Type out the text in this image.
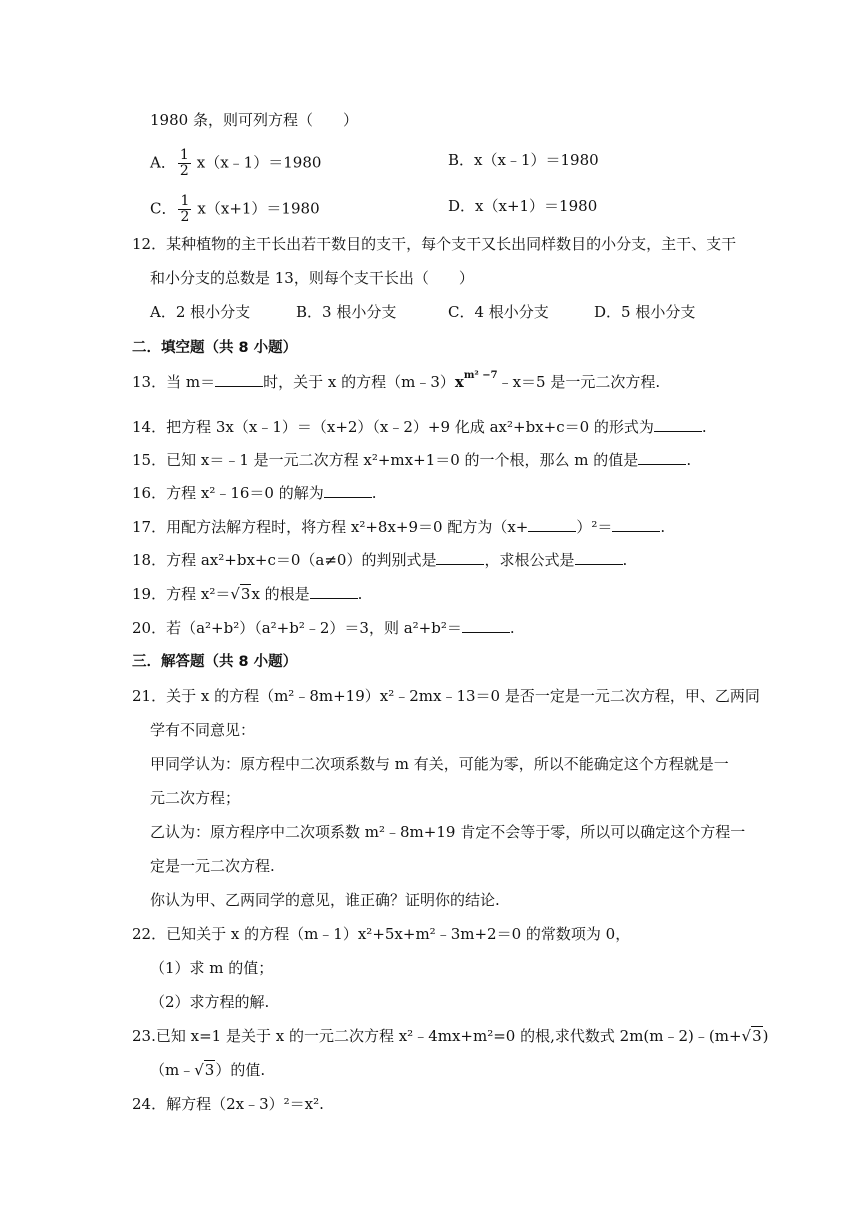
1980 条，则可列方程（　　）
A． $\frac{1}{2}$ x（x﹣1）＝1980	B．x（x﹣1）＝1980
C． $\frac{1}{2} x(x+1)=1980$	D．x（x+1）＝1980
12．某种植物的主干长出若干数目的支干，每个支干又长出同样数目的小分支，主干、支干
和小分支的总数是 13，则每个支干长出（　　）
A．2 根小分支	B．3 根小分支	C．4 根小分支	D．5 根小分支
二．填空题（共 8 小题）
13．当 m＝	时，关于 x 的方程$(m﹣3)x^{m^2 -7}﹣x=5$ 是一元二次方程.
14．把方程 3x（x﹣1）＝（x+2）（x﹣2）+9 化成 ax²+bx+c＝0 的形式为	.
15．已知 x＝﹣1 是一元二次方程 x²+mx+1＝0 的一个根，那么 m 的值是	.
16．方程 x²﹣16＝0 的解为	.
17．用配方法解方程时，将方程 x²+8x+9＝0 配方为（x+	）²＝	.
18．方程 ax²+bx+c＝0（a≠0）的判别式是	，求根公式是	.
19．方程 x²＝√3x 的根是	.
20．若（a²+b²）（a²+b²﹣2）＝3，则 a²+b²＝	.
三．解答题（共 8 小题）
21．关于 x 的方程（m²﹣8m+19）x²﹣2mx﹣13＝0 是否一定是一元二次方程，甲、乙两同
学有不同意见：
甲同学认为：原方程中二次项系数与 m 有关，可能为零，所以不能确定这个方程就是一
元二次方程；
乙认为：原方程序中二次项系数 m²﹣8m+19 肯定不会等于零，所以可以确定这个方程一
定是一元二次方程.
你认为甲、乙两同学的意见，谁正确？证明你的结论.
22．已知关于 x 的方程（m﹣1）x²+5x+m²﹣3m+2＝0 的常数项为 0，
（1）求 m 的值；
（2）求方程的解.
23.已知 x=1 是关于 x 的一元二次方程 x²﹣4mx+m²=0 的根,求代数式 2m(m﹣2)﹣(m+√3)
（m﹣√3）的值.
24．解方程（2x﹣3）²＝x².
